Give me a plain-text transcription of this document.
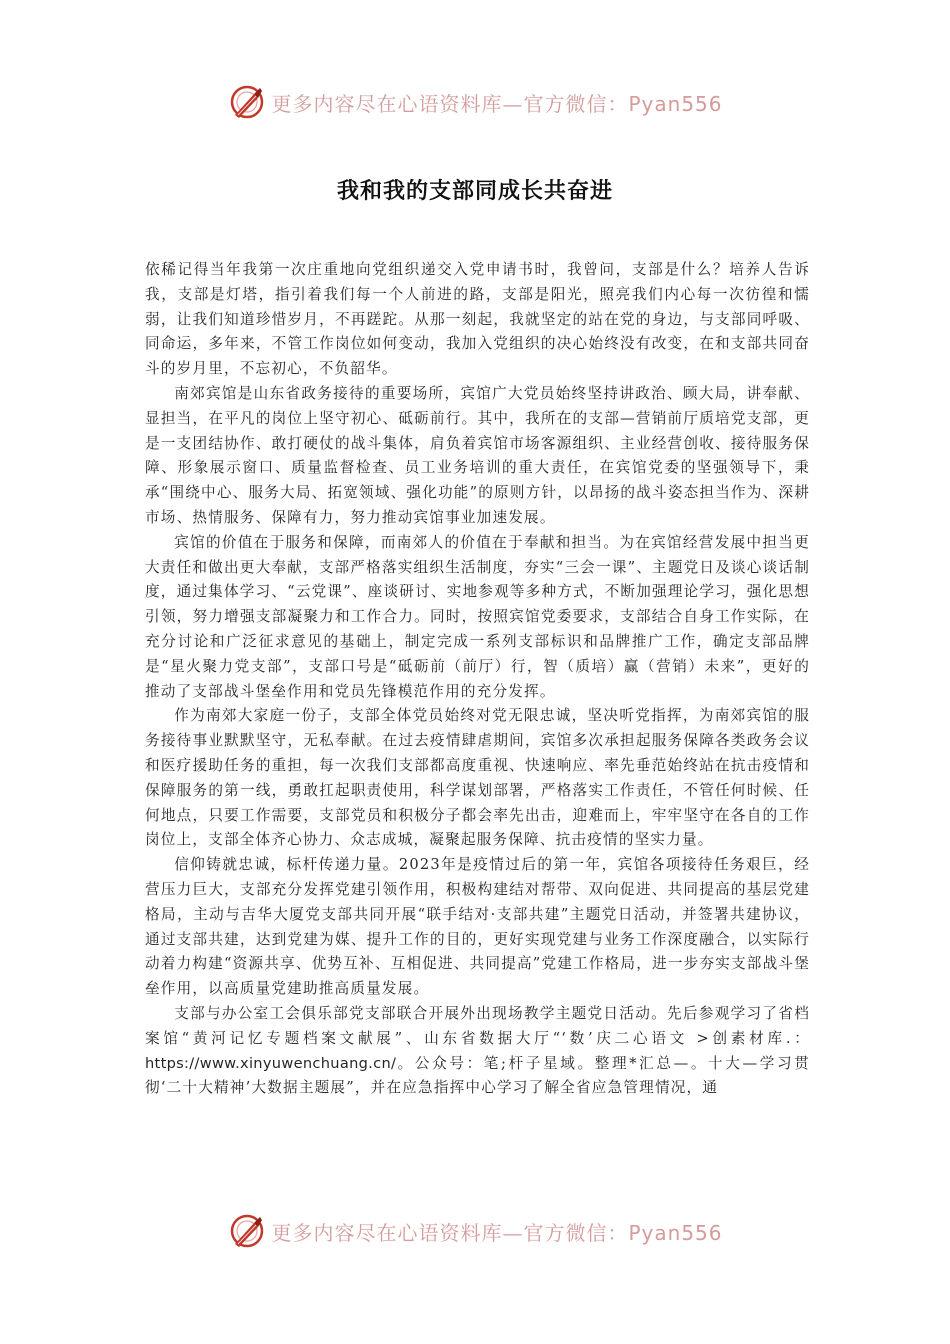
更多内容尽在心语资料库—官方微信：Pyan556
我和我的支部同成长共奋进

依稀记得当年我第一次庄重地向党组织递交入党申请书时，我曾问，支部是什么？培养人告诉我，支部是灯塔，指引着我们每一个人前进的路，支部是阳光，照亮我们内心每一次彷徨和懦弱，让我们知道珍惜岁月，不再蹉跎。从那一刻起，我就坚定的站在党的身边，与支部同呼吸、同命运，多年来，不管工作岗位如何变动，我加入党组织的决心始终没有改变，在和支部共同奋斗的岁月里，不忘初心，不负韶华。

南郊宾馆是山东省政务接待的重要场所，宾馆广大党员始终坚持讲政治、顾大局，讲奉献、显担当，在平凡的岗位上坚守初心、砥砺前行。其中，我所在的支部—营销前厅质培党支部，更是一支团结协作、敢打硬仗的战斗集体，肩负着宾馆市场客源组织、主业经营创收、接待服务保障、形象展示窗口、质量监督检查、员工业务培训的重大责任，在宾馆党委的坚强领导下，秉承“围绕中心、服务大局、拓宽领域、强化功能”的原则方针，以昂扬的战斗姿态担当作为、深耕市场、热情服务、保障有力，努力推动宾馆事业加速发展。

宾馆的价值在于服务和保障，而南郊人的价值在于奉献和担当。为在宾馆经营发展中担当更大责任和做出更大奉献，支部严格落实组织生活制度，夯实“三会一课”、主题党日及谈心谈话制度，通过集体学习、“云党课”、座谈研讨、实地参观等多种方式，不断加强理论学习，强化思想引领，努力增强支部凝聚力和工作合力。同时，按照宾馆党委要求，支部结合自身工作实际，在充分讨论和广泛征求意见的基础上，制定完成一系列支部标识和品牌推广工作，确定支部品牌是“星火聚力党支部”，支部口号是“砥砺前（前厅）行，智（质培）赢（营销）未来”，更好的推动了支部战斗堡垒作用和党员先锋模范作用的充分发挥。

作为南郊大家庭一份子，支部全体党员始终对党无限忠诚，坚决听党指挥，为南郊宾馆的服务接待事业默默坚守，无私奉献。在过去疫情肆虐期间，宾馆多次承担起服务保障各类政务会议和医疗援助任务的重担，每一次我们支部都高度重视、快速响应、率先垂范始终站在抗击疫情和保障服务的第一线，勇敢扛起职责使用，科学谋划部署，严格落实工作责任，不管任何时候、任何地点，只要工作需要，支部党员和积极分子都会率先出击，迎难而上，牢牢坚守在各自的工作岗位上，支部全体齐心协力、众志成城，凝聚起服务保障、抗击疫情的坚实力量。

信仰铸就忠诚，标杆传递力量。2023年是疫情过后的第一年，宾馆各项接待任务艰巨，经营压力巨大，支部充分发挥党建引领作用，积极构建结对帮带、双向促进、共同提高的基层党建格局，主动与吉华大厦党支部共同开展“联手结对·支部共建”主题党日活动，并签署共建协议，通过支部共建，达到党建为媒、提升工作的目的，更好实现党建与业务工作深度融合，以实际行动着力构建“资源共享、优势互补、互相促进、共同提高”党建工作格局，进一步夯实支部战斗堡垒作用，以高质量党建助推高质量发展。

支部与办公室工会俱乐部党支部联合开展外出现场教学主题党日活动。先后参观学习了省档案馆“黄河记忆专题档案文献展”、山东省数据大厅“‘数’庆二心语文 >创素材库.：https://www.xinyuwenchuang.cn/。公众号：笔;杆子星域。整理*汇总—。十大—学习贯彻‘二十大精神’大数据主题展”，并在应急指挥中心学习了解全省应急管理情况，通

更多内容尽在心语资料库—官方微信：Pyan556
